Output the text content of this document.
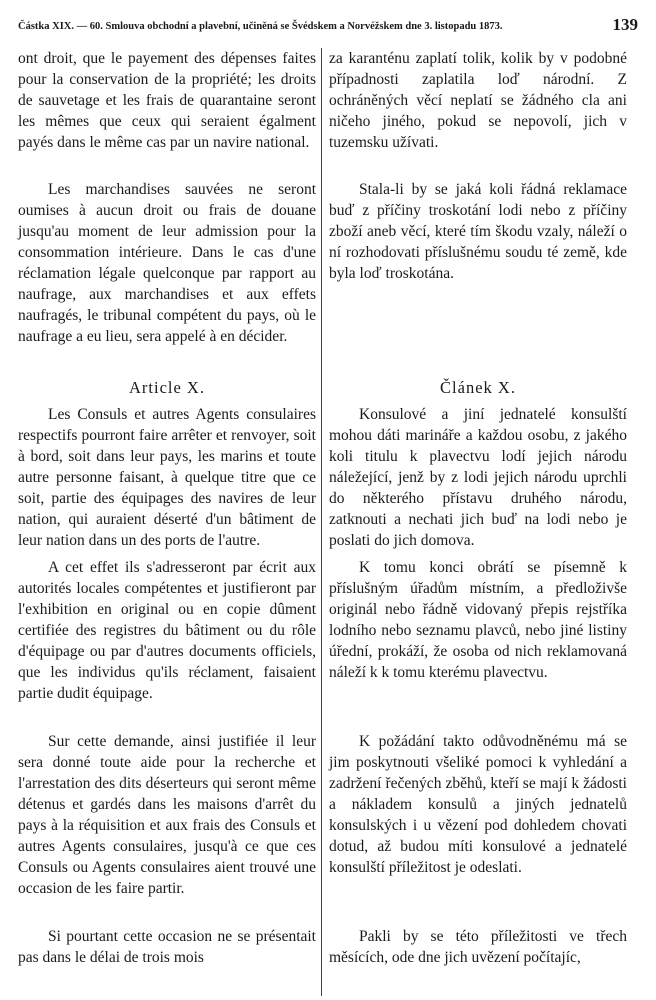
Částka XIX. — 60. Smlouva obchodní a plavební, učiněná se Švédskem a Norvéžskem dne 3. listopadu 1873.	139

ont droit, que le payement des dépenses faites pour la conservation de la propriété; les droits de sauvetage et les frais de quarantaine seront les mêmes que ceux qui seraient égalment payés dans le même cas par un navire national.

Les marchandises sauvées ne seront oumises à aucun droit ou frais de douane jusqu'au moment de leur admission pour la consommation intérieure. Dans le cas d'une réclamation légale quelconque par rapport au naufrage, aux marchandises et aux effets naufragés, le tribunal compétent du pays, où le naufrage a eu lieu, sera appelé à en décider.

Article X.

Les Consuls et autres Agents consulaires respectifs pourront faire arrêter et renvoyer, soit à bord, soit dans leur pays, les marins et toute autre personne faisant, à quelque titre que ce soit, partie des équipages des navires de leur nation, qui auraient déserté d'un bâtiment de leur nation dans un des ports de l'autre.

A cet effet ils s'adresseront par écrit aux autorités locales compétentes et justifieront par l'exhibition en original ou en copie dûment certifiée des registres du bâtiment ou du rôle d'équipage ou par d'autres documents officiels, que les individus qu'ils réclament, faisaient partie dudit équipage.

Sur cette demande, ainsi justifiée il leur sera donné toute aide pour la recherche et l'arrestation des dits déserteurs qui seront même détenus et gardés dans les maisons d'arrêt du pays à la réquisition et aux frais des Consuls et autres Agents consulaires, jusqu'à ce que ces Consuls ou Agents consulaires aient trouvé une occasion de les faire partir.

Si pourtant cette occasion ne se présentait pas dans le délai de trois mois

za karanténu zaplatí tolik, kolik by v podobné případnosti zaplatila loď národní. Z ochráněných věcí neplatí se žádného cla ani ničeho jiného, pokud se nepovolí, jich v tuzemsku užívati.

Stala-li by se jaká koli řádná reklamace buď z příčiny troskotání lodi nebo z příčiny zboží aneb věcí, které tím škodu vzaly, náleží o ní rozhodovati příslušnému soudu té země, kde byla loď troskotána.

Článek X.

Konsulové a jiní jednatelé konsulští mohou dáti marináře a každou osobu, z jakého koli titulu k plavectvu lodí jejich národu náležející, jenž by z lodi jejich národu uprchli do některého přístavu druhého národu, zatknouti a nechati jich buď na lodi nebo je poslati do jich domova.

K tomu konci obrátí se písemně k příslušným úřadům místním, a předloživše originál nebo řádně vidovaný přepis rejstříka lodního nebo seznamu plavců, nebo jiné listiny úřední, prokáží, že osoba od nich reklamovaná náleží k k tomu kterému plavectvu.

K požádání takto odůvodněnému má se jim poskytnouti všeliké pomoci k vyhledání a zadržení řečených zběhů, kteří se mají k žádosti a nákladem konsulů a jiných jednatelů konsulských i u vězení pod dohledem chovati dotud, až budou míti konsulové a jednatelé konsulští příležitost je odeslati.

Pakli by se této příležitosti ve třech měsících, ode dne jich uvězení počítajíc,
